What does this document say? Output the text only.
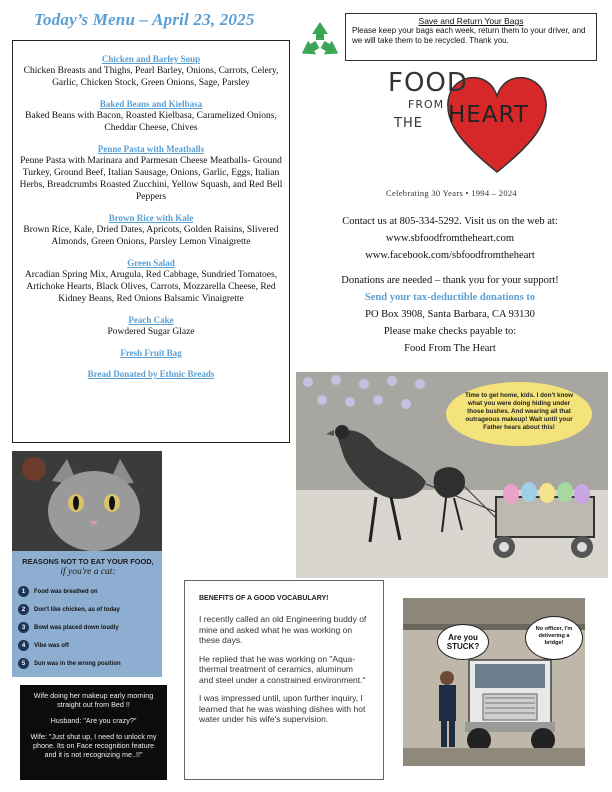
Today’s Menu – April 23, 2025	Save and Return Your Bags
Please keep your bags each week, return them to your driver, and we will take them to be recycled. Thank you.
Chicken and Barley Soup
Chicken Breasts and Thighs, Pearl Barley, Onions, Carrots, Celery, Garlic, Chicken Stock, Green Onions, Sage, Parsley
Baked Beans and Kielbasa
Baked Beans with Bacon, Roasted Kielbasa, Caramelized Onions, Cheddar Cheese, Chives
Penne Pasta with Meatballs
Penne Pasta with Marinara and Parmesan Cheese Meatballs- Ground Turkey, Ground Beef, Italian Sausage, Onions, Garlic, Eggs, Italian Herbs, Breadcrumbs Roasted Zucchini, Yellow Squash, and Red Bell Peppers
Brown Rice with Kale
Brown Rice, Kale, Dried Dates, Apricots, Golden Raisins, Slivered Almonds, Green Onions, Parsley Lemon Vinaigrette
Green Salad
Arcadian Spring Mix, Arugula, Red Cabbage, Sundried Tomatoes, Artichoke Hearts, Black Olives, Carrots, Mozzarella Cheese, Red Kidney Beans, Red Onions Balsamic Vinaigrette
Peach Cake
Powdered Sugar Glaze
Fresh Fruit Bag
Bread Donated by Ethnic Breads
FOOD
FROM
THE HEART
Celebrating 30 Years • 1994 – 2024
Contact us at 805-334-5292. Visit us on the web at:
www.sbfoodfromtheheart.com
www.facebook.com/sbfoodfromtheheart
Donations are needed – thank you for your support!
Send your tax-deductible donations to
PO Box 3908, Santa Barbara, CA 93130
Please make checks payable to:
Food From The Heart
Time to get home, kids. I don't know what you were doing hiding under those bushes. And wearing all that outrageous makeup! Wait until your Father hears about this!
REASONS NOT TO EAT YOUR FOOD,
if you're a cat:
1	Food was breathed on
2	Don't like chicken, as of today
3	Bowl was placed down loudly
4	Vibe was off
5	Sun was in the wrong position

Wife doing her makeup early morning straight out from Bed !!

Husband: "Are you crazy?"

Wife: "Just shut up, I need to unlock my phone. Its on Face recognition feature and it is not recognizing me..!!"

BENEFITS OF A GOOD VOCABULARY!

I recently called an old Engineering buddy of mine and asked what he was working on these days.

He replied that he was working on "Aqua-thermal treatment of ceramics, aluminum and steel under a constrained environment."

I was impressed until, upon further inquiry, I learned that he was washing dishes with hot water under his wife's supervision.

Are you STUCK?
No officer, I'm delivering a bridge!
